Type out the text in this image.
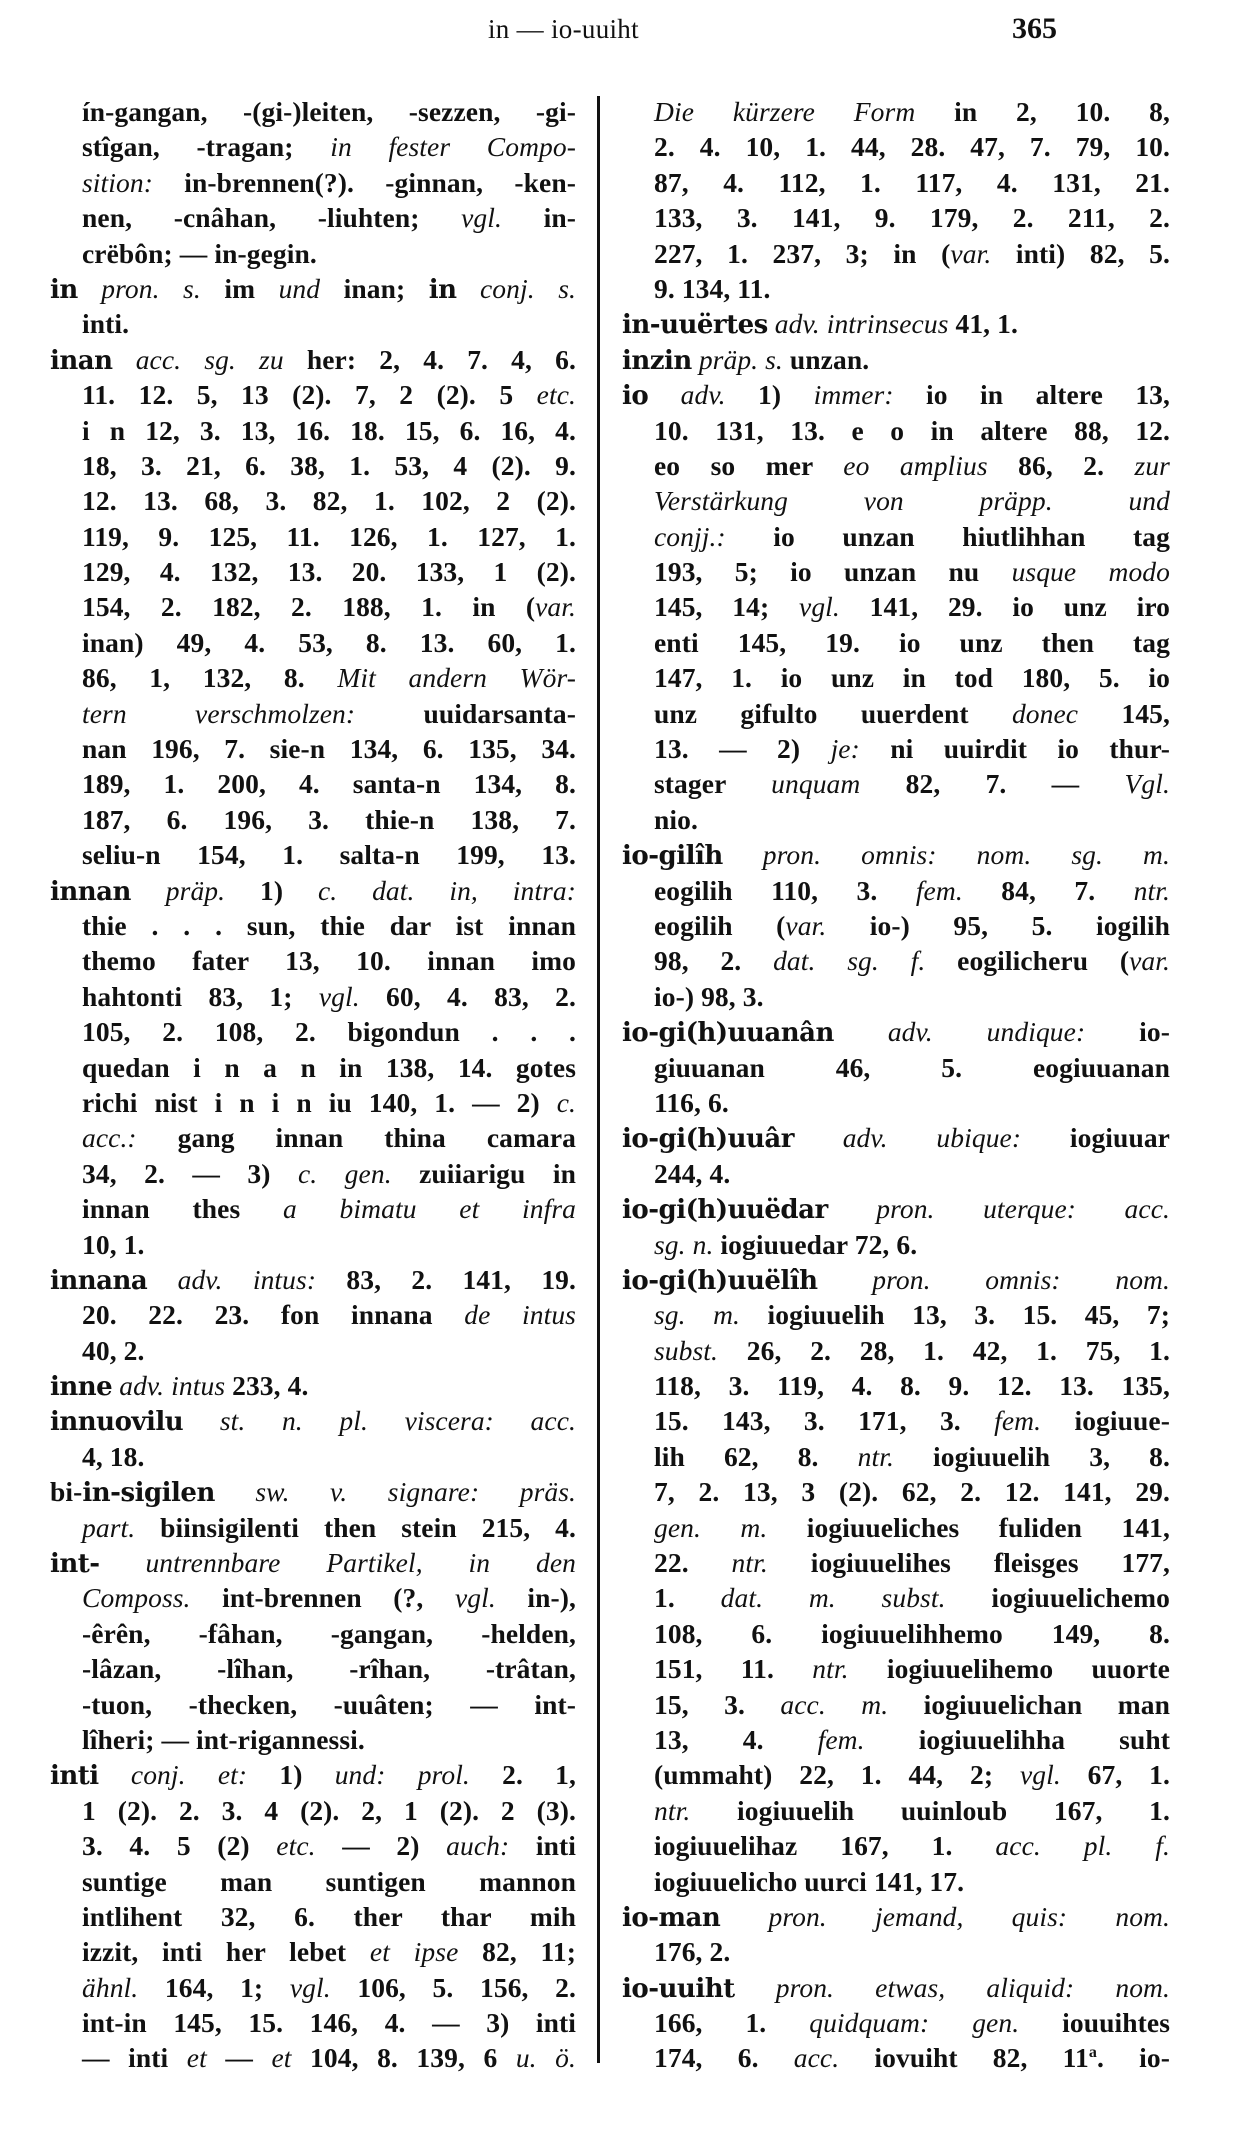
in — io-uuiht	365
ín-gangan, -(gi-)leiten, -sezzen, -gi-
stîgan, -tragan; in fester Compo-
sition: in-brennen(?). -ginnan, -ken-
nen, -cnâhan, -liuhten; vgl. in-
crëbôn; — in-gegin.
in pron. s. im und inan; in conj. s.
inti.
inan acc. sg. zu her: 2, 4. 7. 4, 6.
11. 12. 5, 13 (2). 7, 2 (2). 5 etc.
i n 12, 3. 13, 16. 18. 15, 6. 16, 4.
18, 3. 21, 6. 38, 1. 53, 4 (2). 9.
12. 13. 68, 3. 82, 1. 102, 2 (2).
119, 9. 125, 11. 126, 1. 127, 1.
129, 4. 132, 13. 20. 133, 1 (2).
154, 2. 182, 2. 188, 1. in (var.
inan) 49, 4. 53, 8. 13. 60, 1.
86, 1, 132, 8. Mit andern Wör-
tern verschmolzen: uuidarsanta-
nan 196, 7. sie-n 134, 6. 135, 34.
189, 1. 200, 4. santa-n 134, 8.
187, 6. 196, 3. thie-n 138, 7.
seliu-n 154, 1. salta-n 199, 13.
innan präp. 1) c. dat. in, intra:
thie . . . sun, thie dar ist innan
themo fater 13, 10. innan imo
hahtonti 83, 1; vgl. 60, 4. 83, 2.
105, 2. 108, 2. bigondun . . .
quedan i n a n in 138, 14. gotes
richi nist i n i n iu 140, 1. — 2) c.
acc.: gang innan thina camara
34, 2. — 3) c. gen. zuiiarigu in
innan thes a bimatu et infra
10, 1.
innana adv. intus: 83, 2. 141, 19.
20. 22. 23. fon innana de intus
40, 2.
inne adv. intus 233, 4.
innuovilu st. n. pl. viscera: acc.
4, 18.
bi-in-sigilen sw. v. signare: präs.
part. biinsigilenti then stein 215, 4.
int- untrennbare Partikel, in den
Composs. int-brennen (?, vgl. in-),
-êrên, -fâhan, -gangan, -helden,
-lâzan, -lîhan, -rîhan, -trâtan,
-tuon, -thecken, -uuâten; — int-
lîheri; — int-rigannessi.
inti conj. et: 1) und: prol. 2. 1,
1 (2). 2. 3. 4 (2). 2, 1 (2). 2 (3).
3. 4. 5 (2) etc. — 2) auch: inti
suntige man suntigen mannon
intlihent 32, 6. ther thar mih
izzit, inti her lebet et ipse 82, 11;
ähnl. 164, 1; vgl. 106, 5. 156, 2.
int-in 145, 15. 146, 4. — 3) inti
— inti et — et 104, 8. 139, 6 u. ö.
Die kürzere Form in 2, 10. 8,
2. 4. 10, 1. 44, 28. 47, 7. 79, 10.
87, 4. 112, 1. 117, 4. 131, 21.
133, 3. 141, 9. 179, 2. 211, 2.
227, 1. 237, 3; in (var. inti) 82, 5.
9. 134, 11.
in-uuërtes adv. intrinsecus 41, 1.
inzin präp. s. unzan.
io adv. 1) immer: io in altere 13,
10. 131, 13. e o in altere 88, 12.
eo so mer eo amplius 86, 2. zur
Verstärkung von präpp. und
conjj.: io unzan hiutlihhan tag
193, 5; io unzan nu usque modo
145, 14; vgl. 141, 29. io unz iro
enti 145, 19. io unz then tag
147, 1. io unz in tod 180, 5. io
unz gifulto uuerdent donec 145,
13. — 2) je: ni uuirdit io thur-
stager unquam 82, 7. — Vgl.
nio.
io-gilîh pron. omnis: nom. sg. m.
eogilih 110, 3. fem. 84, 7. ntr.
eogilih (var. io-) 95, 5. iogilih
98, 2. dat. sg. f. eogilicheru (var.
io-) 98, 3.
io-gi(h)uuanân adv. undique: io-
giuuanan 46, 5. eogiuuanan
116, 6.
io-gi(h)uuâr adv. ubique: iogiuuar
244, 4.
io-gi(h)uuëdar pron. uterque: acc.
sg. n. iogiuuedar 72, 6.
io-gi(h)uuëlîh pron. omnis: nom.
sg. m. iogiuuelih 13, 3. 15. 45, 7;
subst. 26, 2. 28, 1. 42, 1. 75, 1.
118, 3. 119, 4. 8. 9. 12. 13. 135,
15. 143, 3. 171, 3. fem. iogiuue-
lih 62, 8. ntr. iogiuuelih 3, 8.
7, 2. 13, 3 (2). 62, 2. 12. 141, 29.
gen. m. iogiuueliches fuliden 141,
22. ntr. iogiuuelihes fleisges 177,
1. dat. m. subst. iogiuuelichemo
108, 6. iogiuuelihhemo 149, 8.
151, 11. ntr. iogiuuelihemo uuorte
15, 3. acc. m. iogiuuelichan man
13, 4. fem. iogiuuelihha suht
(ummaht) 22, 1. 44, 2; vgl. 67, 1.
ntr. iogiuuelih uuinloub 167, 1.
iogiuuelihaz 167, 1. acc. pl. f.
iogiuuelicho uurci 141, 17.
io-man pron. jemand, quis: nom.
176, 2.
io-uuiht pron. etwas, aliquid: nom.
166, 1. quidquam: gen. iouuihtes
174, 6. acc. iovuiht 82, 11$^a$. io-
